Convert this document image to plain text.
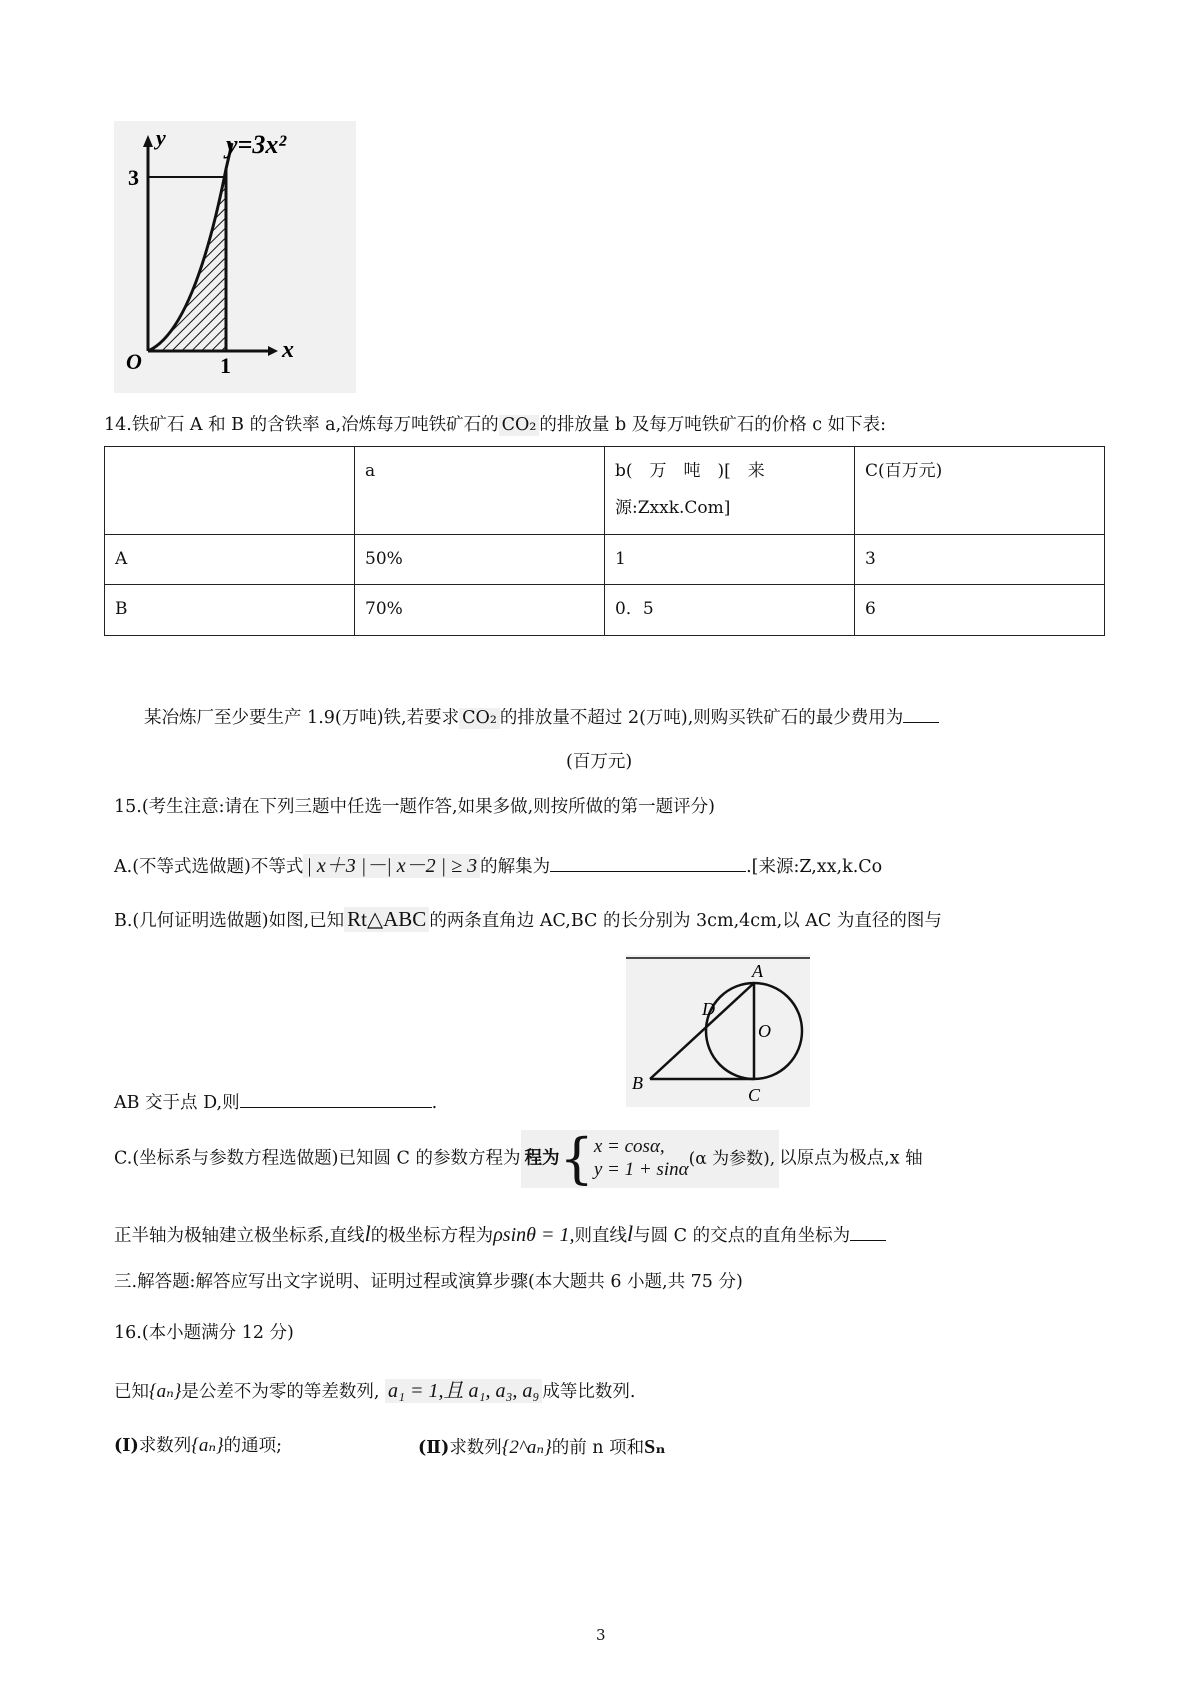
y y=3x²
3
O	1
x
14.铁矿石 A 和 B 的含铁率 a,冶炼每万吨铁矿石的 CO₂ 的排放量 b 及每万吨铁矿石的价格 c 如下表:
	a	b(　万　吨　)[　来 源:Zxxk.Com]	C(百万元)
A	50%	1	3
B	70%	0．5	6
某冶炼厂至少要生产 1.9(万吨)铁,若要求 CO₂ 的排放量不超过 2(万吨),则购买铁矿石的最少费用为
(百万元)
15.(考生注意:请在下列三题中任选一题作答,如果多做,则按所做的第一题评分)
A.(不等式选做题)不等式 | x＋3 |－| x－2 | ≥ 3 的解集为	.[来源:Z,xx,k.Co
B.(几何证明选做题)如图,已知 Rt△ABC 的两条直角边 AC,BC 的长分别为 3cm,4cm,以 AC 为直径的图与
A
D
O
B
C
AB 交于点 D,则	.
C.(坐标系与参数方程选做题)已知圆 C 的参数方程为 程为{x = cosα,
y = 1 + sinα(α 为参数), 以原点为极点,x 轴
正半轴为极轴建立极坐标系,直线l的极坐标方程为ρsinθ = 1,则直线l与圆 C 的交点的直角坐标为
三.解答题:解答应写出文字说明、证明过程或演算步骤(本大题共 6 小题,共 75 分)
16.(本小题满分 12 分)
已知{aₙ}是公差不为零的等差数列, a₁ = 1,且 a₁, a₃, a₉ 成等比数列.
(Ⅰ)求数列{aₙ}的通项;	(Ⅱ)求数列{2^aₙ}的前 n 项和Sₙ
3
